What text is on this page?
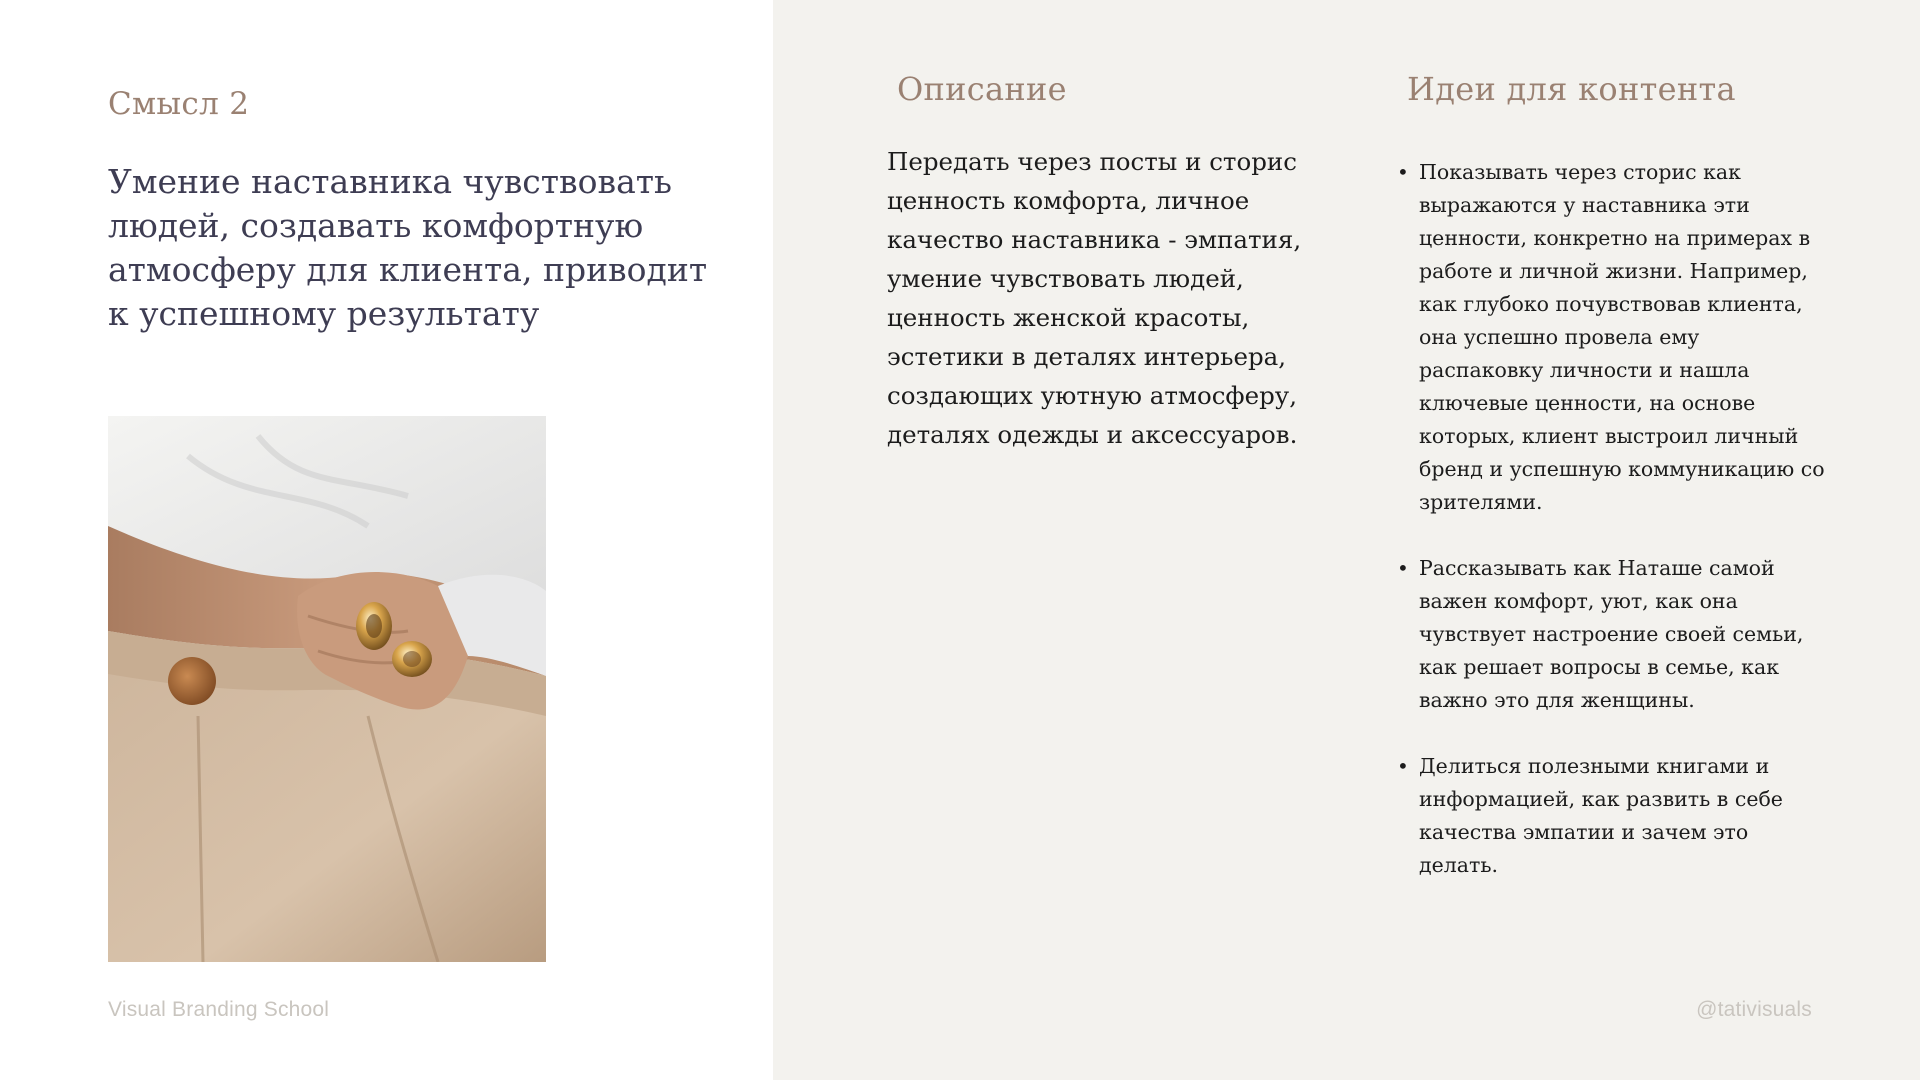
Смысл 2
Умение наставника чувствовать людей, создавать комфортную атмосферу для клиента, приводит к успешному результату
Visual Branding School
Описание
Передать через посты и сторис ценность комфорта, личное качество наставника - эмпатия, умение чувствовать людей, ценность женской красоты, эстетики в деталях интерьера, создающих уютную атмосферу, деталях одежды и аксессуаров.
Идеи для контента
• Показывать через сторис как выражаются у наставника эти ценности, конкретно на примерах в работе и личной жизни. Например, как глубоко почувствовав клиента, она успешно провела ему распаковку личности и нашла ключевые ценности, на основе которых, клиент выстроил личный бренд и успешную коммуникацию со зрителями.
• Рассказывать как Наташе самой важен комфорт, уют, как она чувствует настроение своей семьи, как решает вопросы в семье, как важно это для женщины.
• Делиться полезными книгами и информацией, как развить в себе качества эмпатии и зачем это делать.
@tativisuals
